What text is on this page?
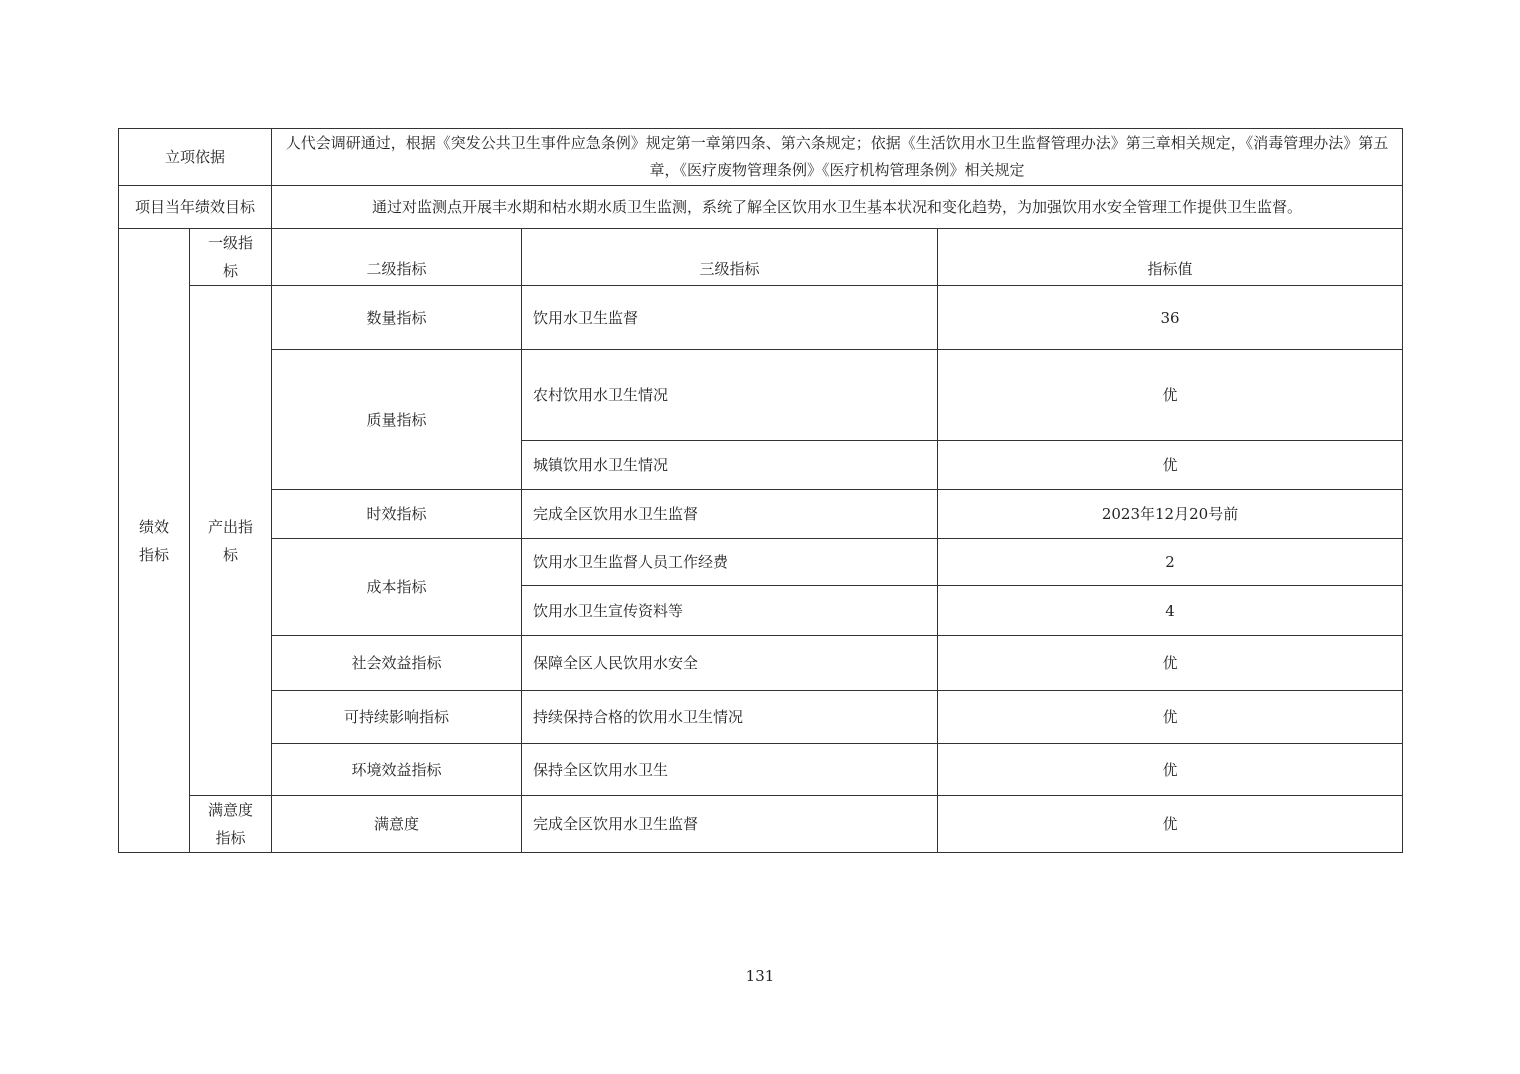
立项依据		人代会调研通过，根据《突发公共卫生事件应急条例》规定第一章第四条、第六条规定；依据《生活饮用水卫生监督管理办法》第三章相关规定，《消毒管理办法》第五章，《医疗废物管理条例》《医疗机构管理条例》相关规定		
项目当年绩效目标		通过对监测点开展丰水期和枯水期水质卫生监测，系统了解全区饮用水卫生基本状况和变化趋势，为加强饮用水安全管理工作提供卫生监督。		
绩效指标	一级指标	二级指标	三级指标	指标值
	产出指标	数量指标	饮用水卫生监督	36
		质量指标	农村饮用水卫生情况	优
			城镇饮用水卫生情况	优
		时效指标	完成全区饮用水卫生监督	2023年12月20号前
		成本指标	饮用水卫生监督人员工作经费	2
			饮用水卫生宣传资料等	4
		社会效益指标	保障全区人民饮用水安全	优
		可持续影响指标	持续保持合格的饮用水卫生情况	优
		环境效益指标	保持全区饮用水卫生	优
	满意度指标	满意度	完成全区饮用水卫生监督	优
131
